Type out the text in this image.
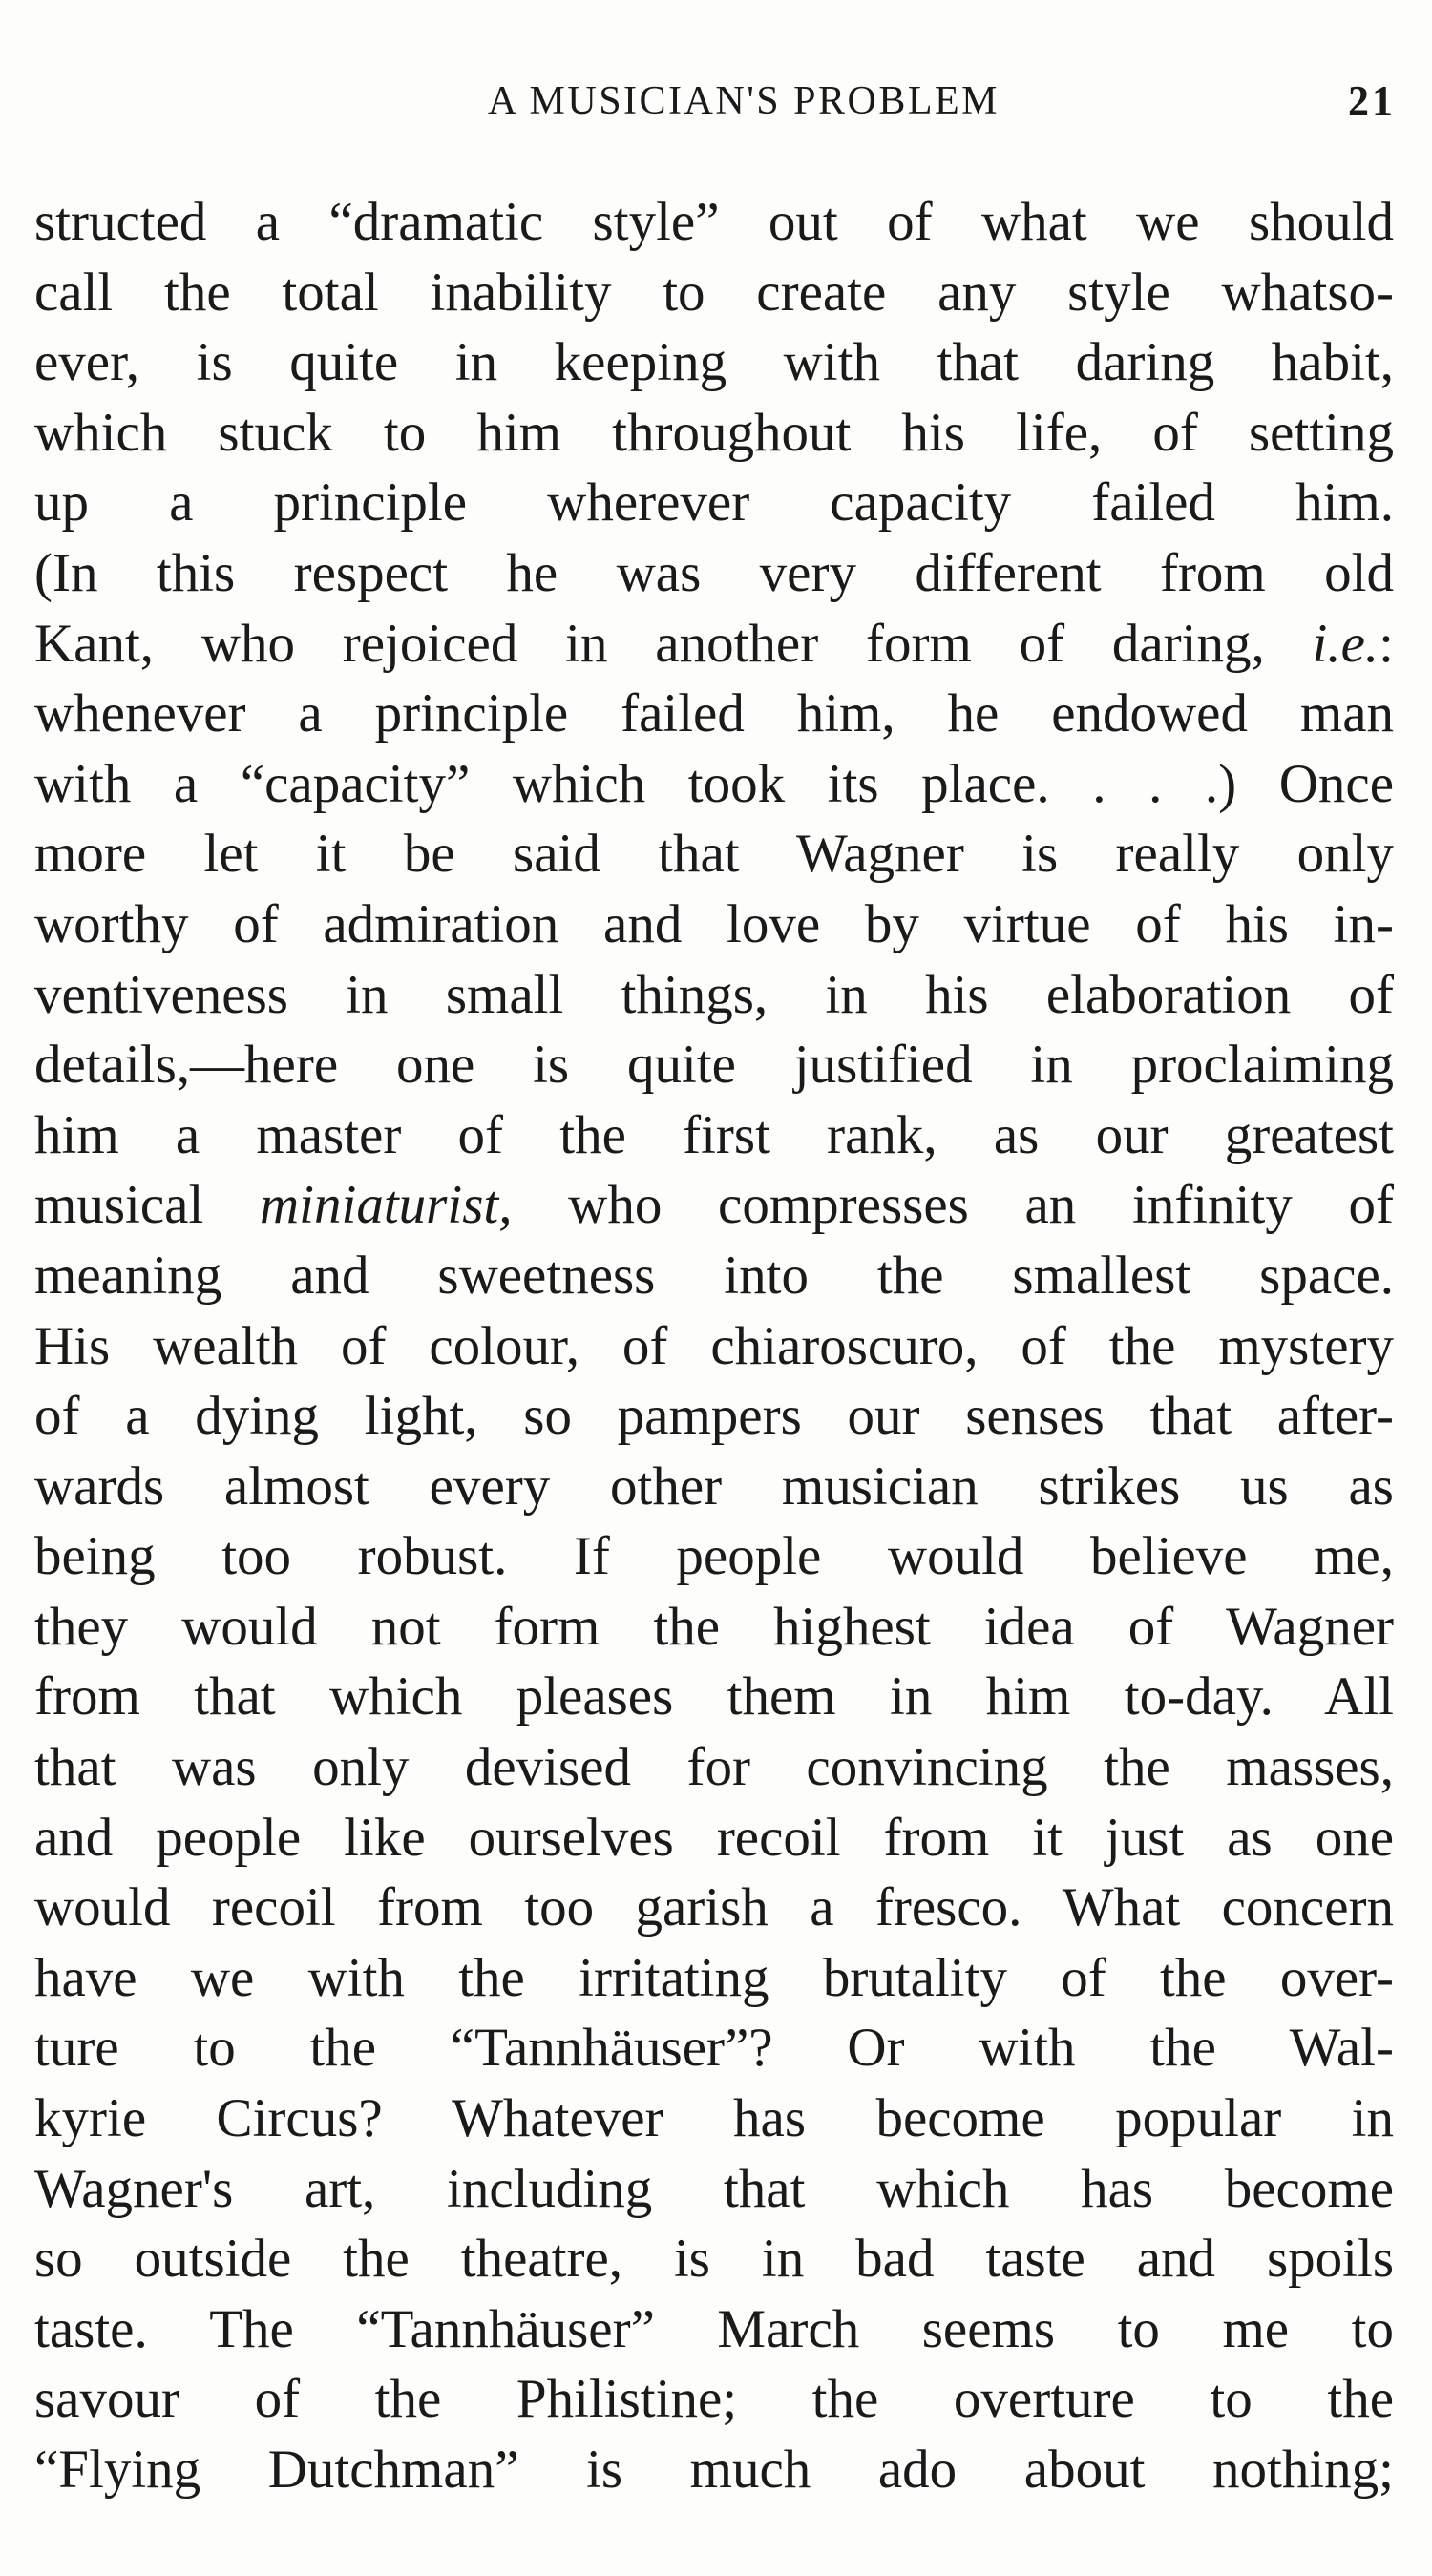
A MUSICIAN'S PROBLEM	21
structed a “dramatic style” out of what we should
call the total inability to create any style whatso-
ever, is quite in keeping with that daring habit,
which stuck to him throughout his life, of setting
up a principle wherever capacity failed him.
(In this respect he was very different from old
Kant, who rejoiced in another form of daring, i.e.:
whenever a principle failed him, he endowed man
with a “capacity” which took its place. . . .) Once
more let it be said that Wagner is really only
worthy of admiration and love by virtue of his in-
ventiveness in small things, in his elaboration of
details,—here one is quite justified in proclaiming
him a master of the first rank, as our greatest
musical miniaturist, who compresses an infinity of
meaning and sweetness into the smallest space.
His wealth of colour, of chiaroscuro, of the mystery
of a dying light, so pampers our senses that after-
wards almost every other musician strikes us as
being too robust. If people would believe me,
they would not form the highest idea of Wagner
from that which pleases them in him to-day. All
that was only devised for convincing the masses,
and people like ourselves recoil from it just as one
would recoil from too garish a fresco. What concern
have we with the irritating brutality of the over-
ture to the “Tannhäuser”? Or with the Wal-
kyrie Circus? Whatever has become popular in
Wagner's art, including that which has become
so outside the theatre, is in bad taste and spoils
taste. The “Tannhäuser” March seems to me to
savour of the Philistine; the overture to the
“Flying Dutchman” is much ado about nothing;
